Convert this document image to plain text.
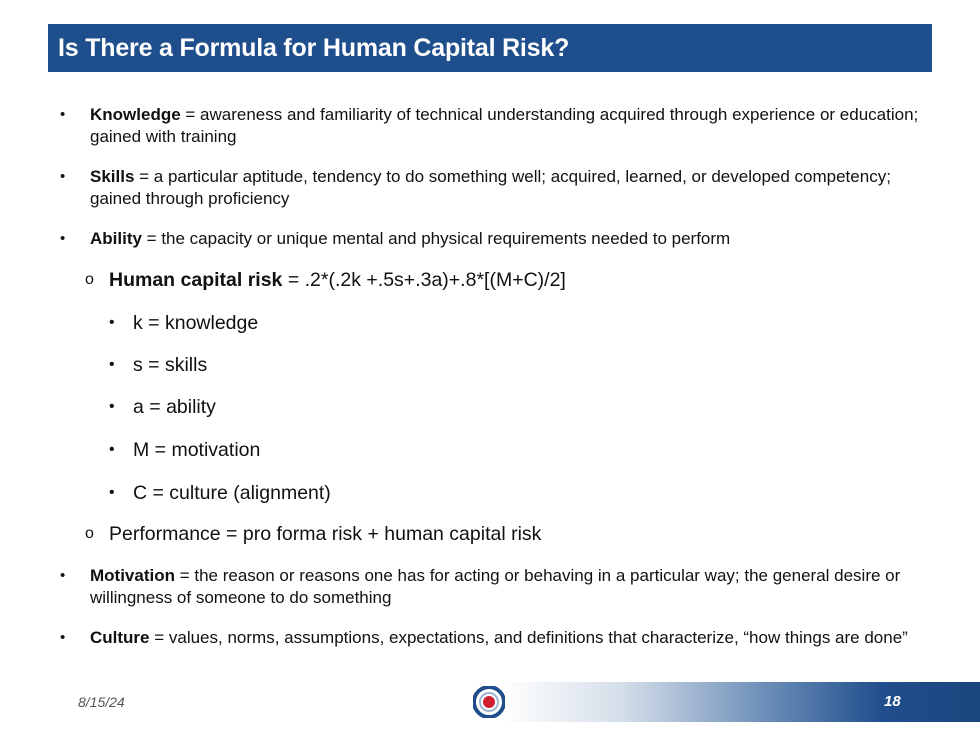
Is There a Formula for Human Capital Risk?
• Knowledge = awareness and familiarity of technical understanding acquired through experience or education; gained with training
• Skills = a particular aptitude, tendency to do something well; acquired, learned, or developed competency; gained through proficiency
• Ability = the capacity or unique mental and physical requirements needed to perform
o Human capital risk = .2*(.2k +.5s+.3a)+.8*[(M+C)/2]
• k = knowledge
• s = skills
• a = ability
• M = motivation
• C = culture (alignment)
o Performance = pro forma risk + human capital risk
• Motivation = the reason or reasons one has for acting or behaving in a particular way; the general desire or willingness of someone to do something
• Culture = values, norms, assumptions, expectations, and definitions that characterize, “how things are done”
8/15/24	18
